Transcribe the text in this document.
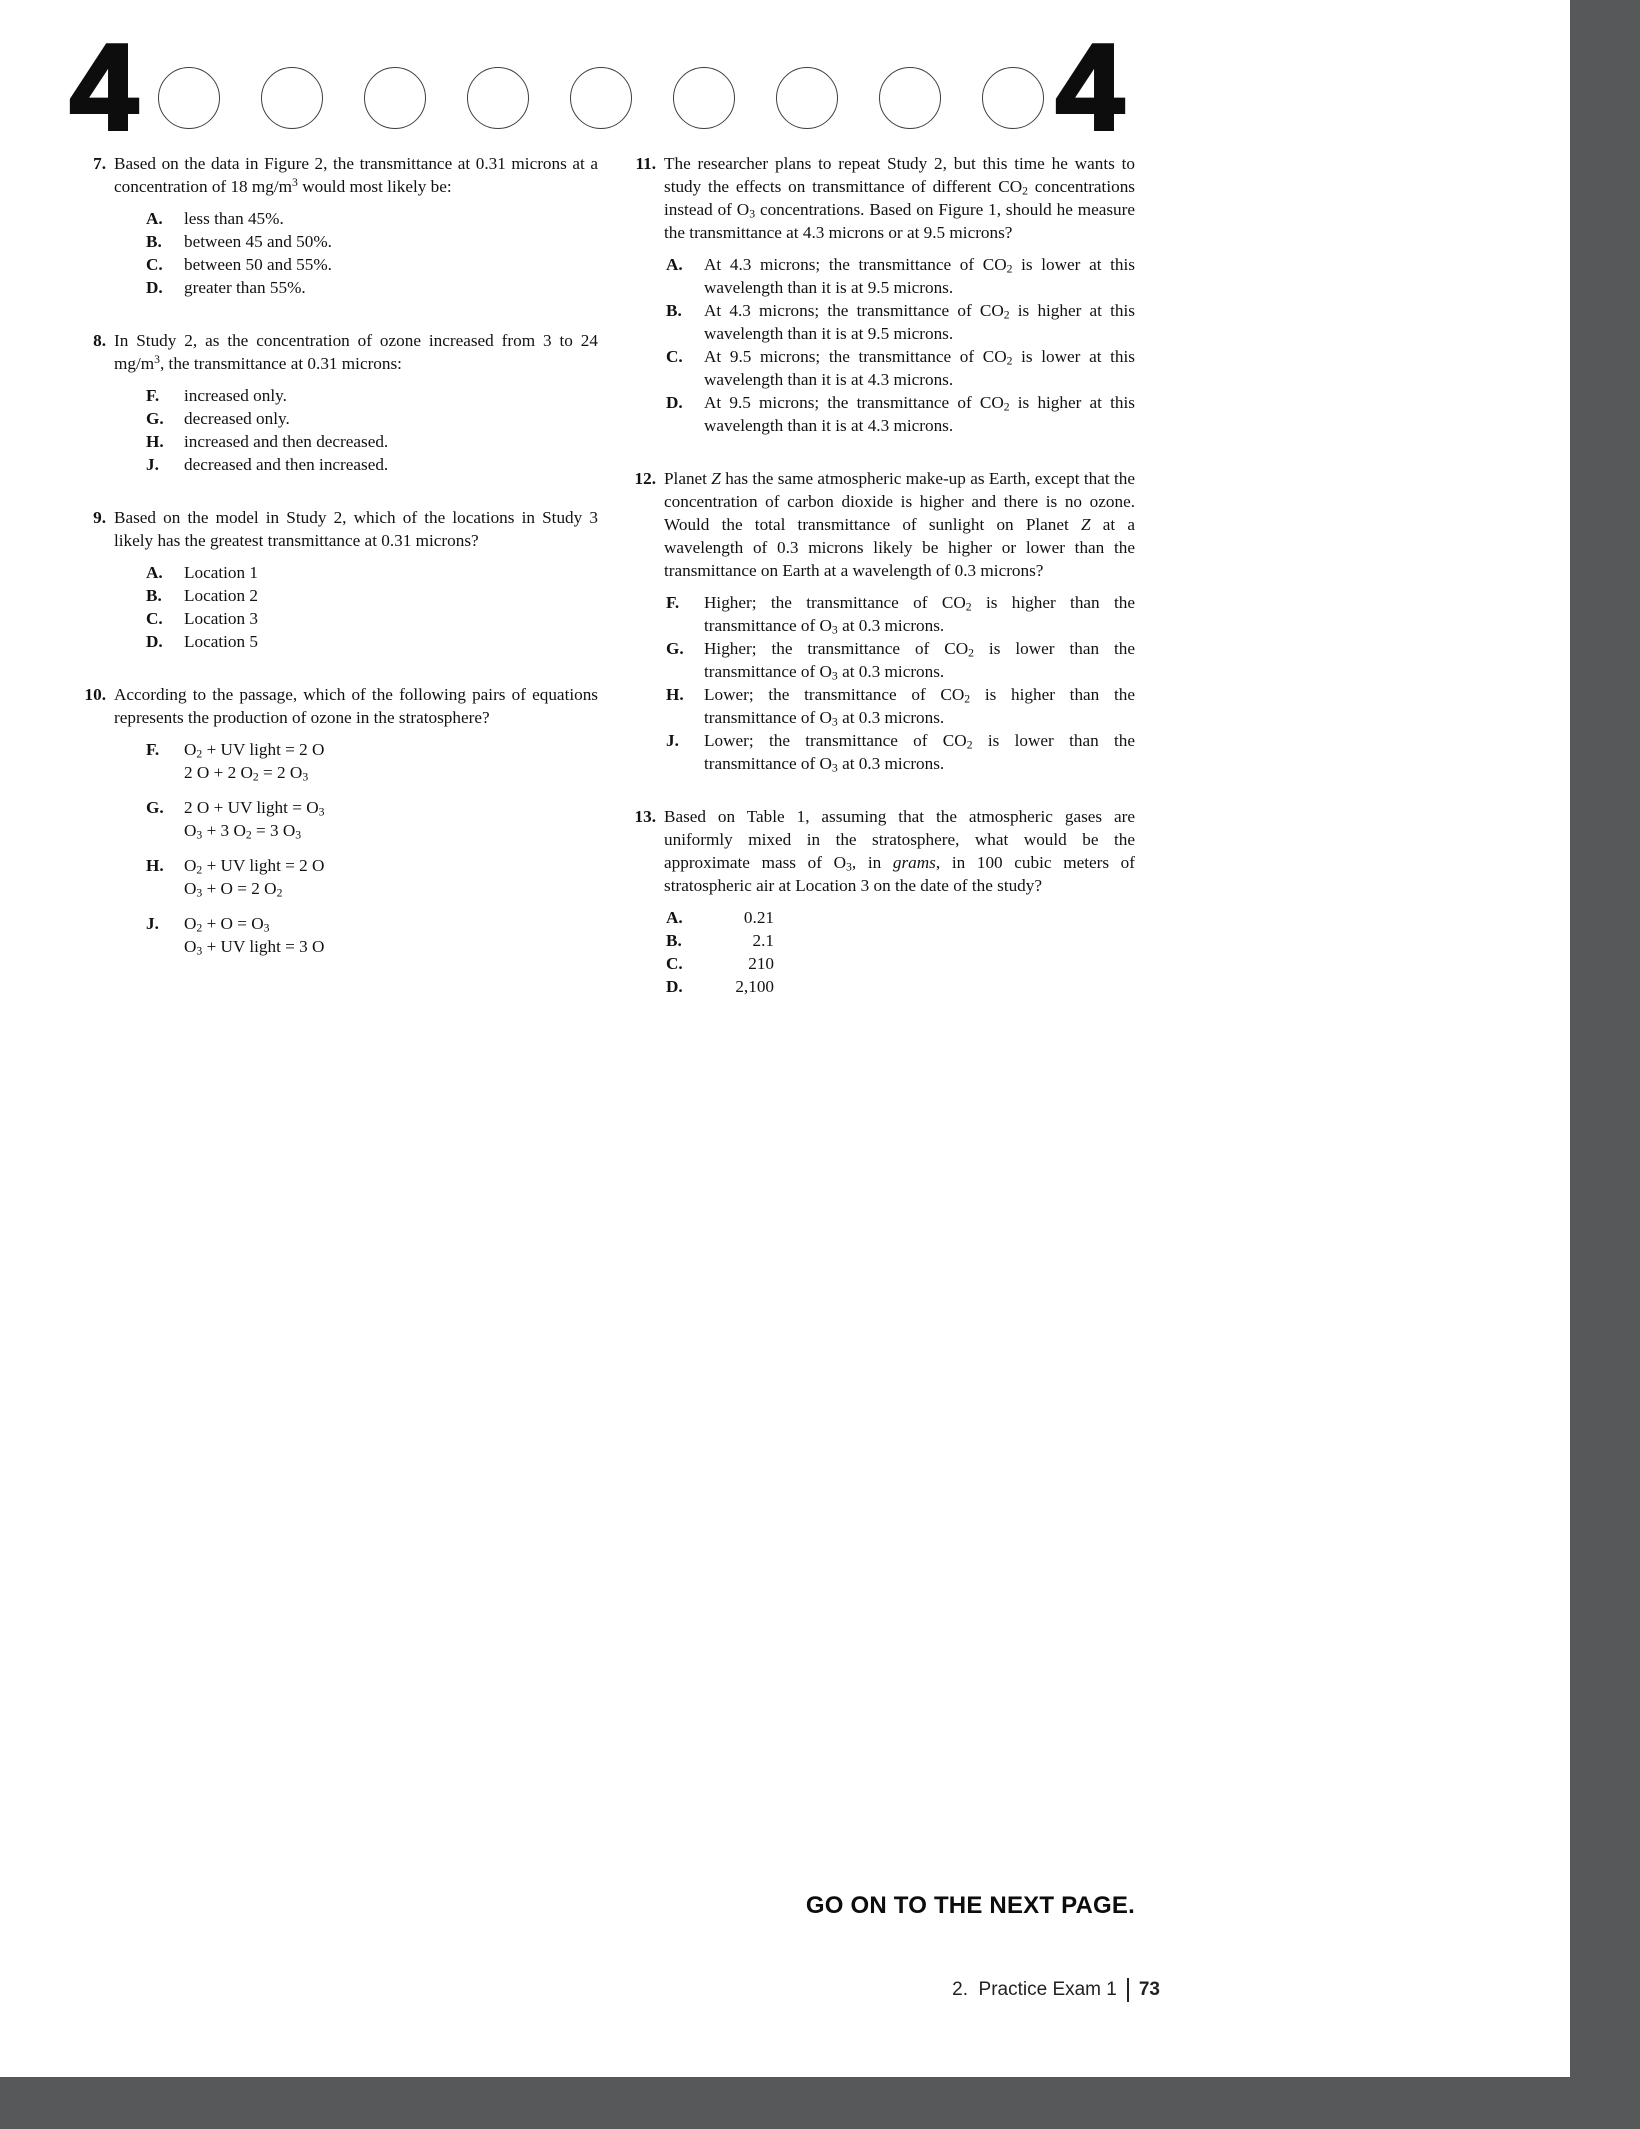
4	4
7. Based on the data in Figure 2, the transmittance at 0.31 microns at a concentration of 18 $mg/m^3$ would most likely be:

A.	less than 45%.
B.	between 45 and 50%.
C.	between 50 and 55%.
D.	greater than 55%.
8. In Study 2, as the concentration of ozone increased from 3 to 24 $mg/m^3$, the transmittance at 0.31 microns:

F.	increased only.
G.	decreased only.
H.	increased and then decreased.
J.	decreased and then increased.
9. Based on the model in Study 2, which of the locations in Study 3 likely has the greatest transmittance at 0.31 microns?

A.	Location 1
B.	Location 2
C.	Location 3
D.	Location 5
10. According to the passage, which of the following pairs of equations represents the production of ozone in the stratosphere?

F.	$O_2$ + UV light = 2 O
2 O + 2 $O_2 = 2$ $O_3$
G.	2 O + UV light = $O_3$
$O_3 + 3$ $O_2 = 3$ $O_3$
H.	$O_2$ + UV light = 2 O
$O_3 + O = 2$ $O_2$
J.	$O_2 + O = O_3$
$O_3$ + UV light = 3 O
11. The researcher plans to repeat Study 2, but this time he wants to study the effects on transmittance of different $CO_2$ concentrations instead of $O_3$ concentrations. Based on Figure 1, should he measure the transmittance at 4.3 microns or at 9.5 microns?

A.	At 4.3 microns; the transmittance of $CO_2$ is lower at this wavelength than it is at 9.5 microns.
B.	At 4.3 microns; the transmittance of $CO_2$ is higher at this wavelength than it is at 9.5 microns.
C.	At 9.5 microns; the transmittance of $CO_2$ is lower at this wavelength than it is at 4.3 microns.
D.	At 9.5 microns; the transmittance of $CO_2$ is higher at this wavelength than it is at 4.3 microns.
12. Planet Z has the same atmospheric make-up as Earth, except that the concentration of carbon dioxide is higher and there is no ozone. Would the total transmittance of sunlight on Planet Z at a wavelength of 0.3 microns likely be higher or lower than the transmittance on Earth at a wavelength of 0.3 microns?

F.	Higher; the transmittance of $CO_2$ is higher than the transmittance of $O_3$ at 0.3 microns.
G.	Higher; the transmittance of $CO_2$ is lower than the transmittance of $O_3$ at 0.3 microns.
H.	Lower; the transmittance of $CO_2$ is higher than the transmittance of $O_3$ at 0.3 microns.
J.	Lower; the transmittance of $CO_2$ is lower than the transmittance of $O_3$ at 0.3 microns.
13. Based on Table 1, assuming that the atmospheric gases are uniformly mixed in the stratosphere, what would be the approximate mass of $O_3$, in grams, in 100 cubic meters of stratospheric air at Location 3 on the date of the study?

A.	0.21
B.	2.1
C.	210
D.	2,100
GO ON TO THE NEXT PAGE.
2.  Practice Exam 1 73
